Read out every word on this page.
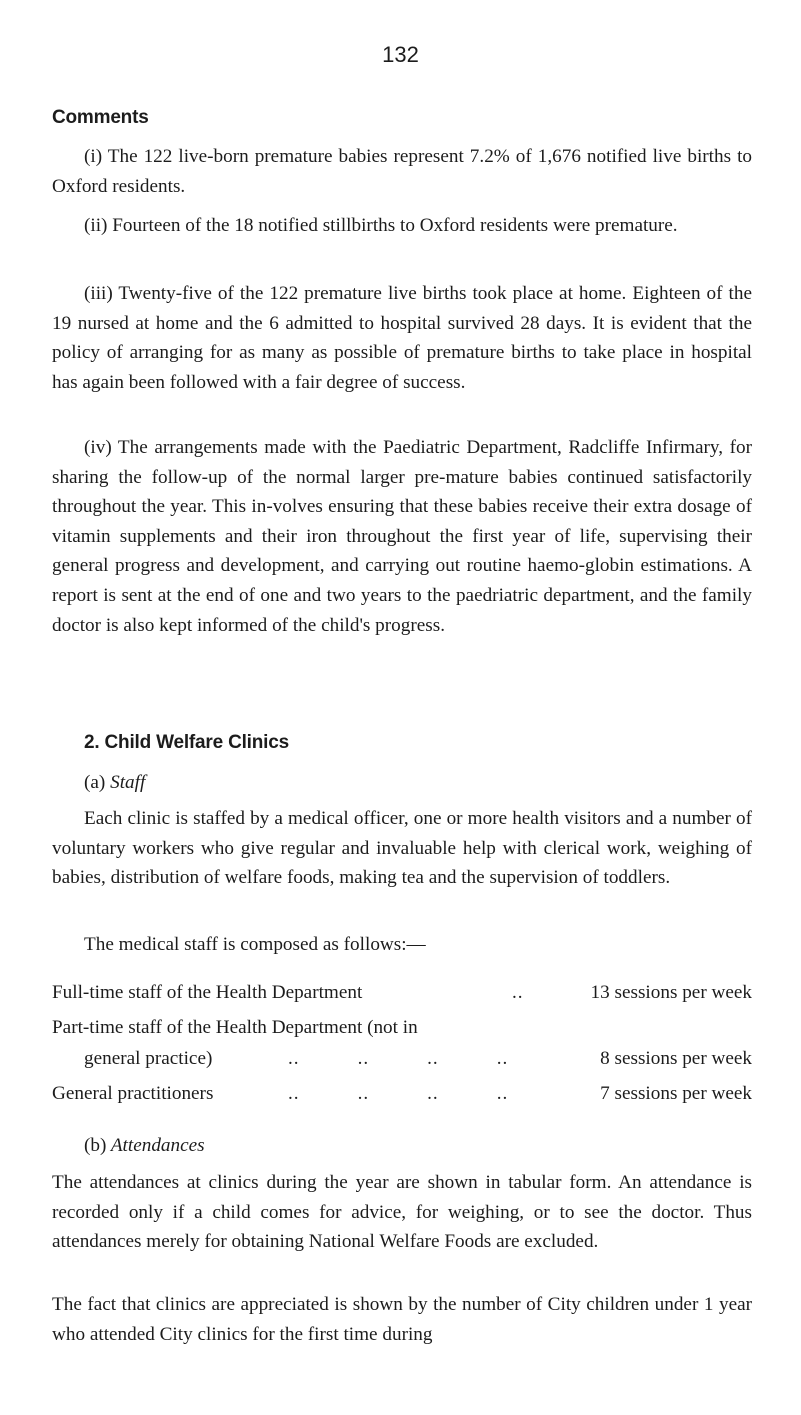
132
Comments

(i) The 122 live-born premature babies represent 7.2% of 1,676 notified live births to Oxford residents.

(ii) Fourteen of the 18 notified stillbirths to Oxford residents were premature.

(iii) Twenty-five of the 122 premature live births took place at home. Eighteen of the 19 nursed at home and the 6 admitted to hospital survived 28 days. It is evident that the policy of arranging for as many as possible of premature births to take place in hospital has again been followed with a fair degree of success.

(iv) The arrangements made with the Paediatric Department, Radcliffe Infirmary, for sharing the follow-up of the normal larger pre-mature babies continued satisfactorily throughout the year. This in-volves ensuring that these babies receive their extra dosage of vitamin supplements and their iron throughout the first year of life, supervising their general progress and development, and carrying out routine haemo-globin estimations. A report is sent at the end of one and two years to the paedriatric department, and the family doctor is also kept informed of the child's progress.

2. Child Welfare Clinics
(a) Staff

Each clinic is staffed by a medical officer, one or more health visitors and a number of voluntary workers who give regular and invaluable help with clerical work, weighing of babies, distribution of welfare foods, making tea and the supervision of toddlers.

The medical staff is composed as follows:—

Full-time staff of the Health Department	..	13 sessions per week
Part-time staff of the Health Department (not in
general practice)	..          ..          ..          ..	8 sessions per week
General practitioners	..          ..          ..          ..	7 sessions per week
(b) Attendances

The attendances at clinics during the year are shown in tabular form. An attendance is recorded only if a child comes for advice, for weighing, or to see the doctor. Thus attendances merely for obtaining National Welfare Foods are excluded.

The fact that clinics are appreciated is shown by the number of City children under 1 year who attended City clinics for the first time during
